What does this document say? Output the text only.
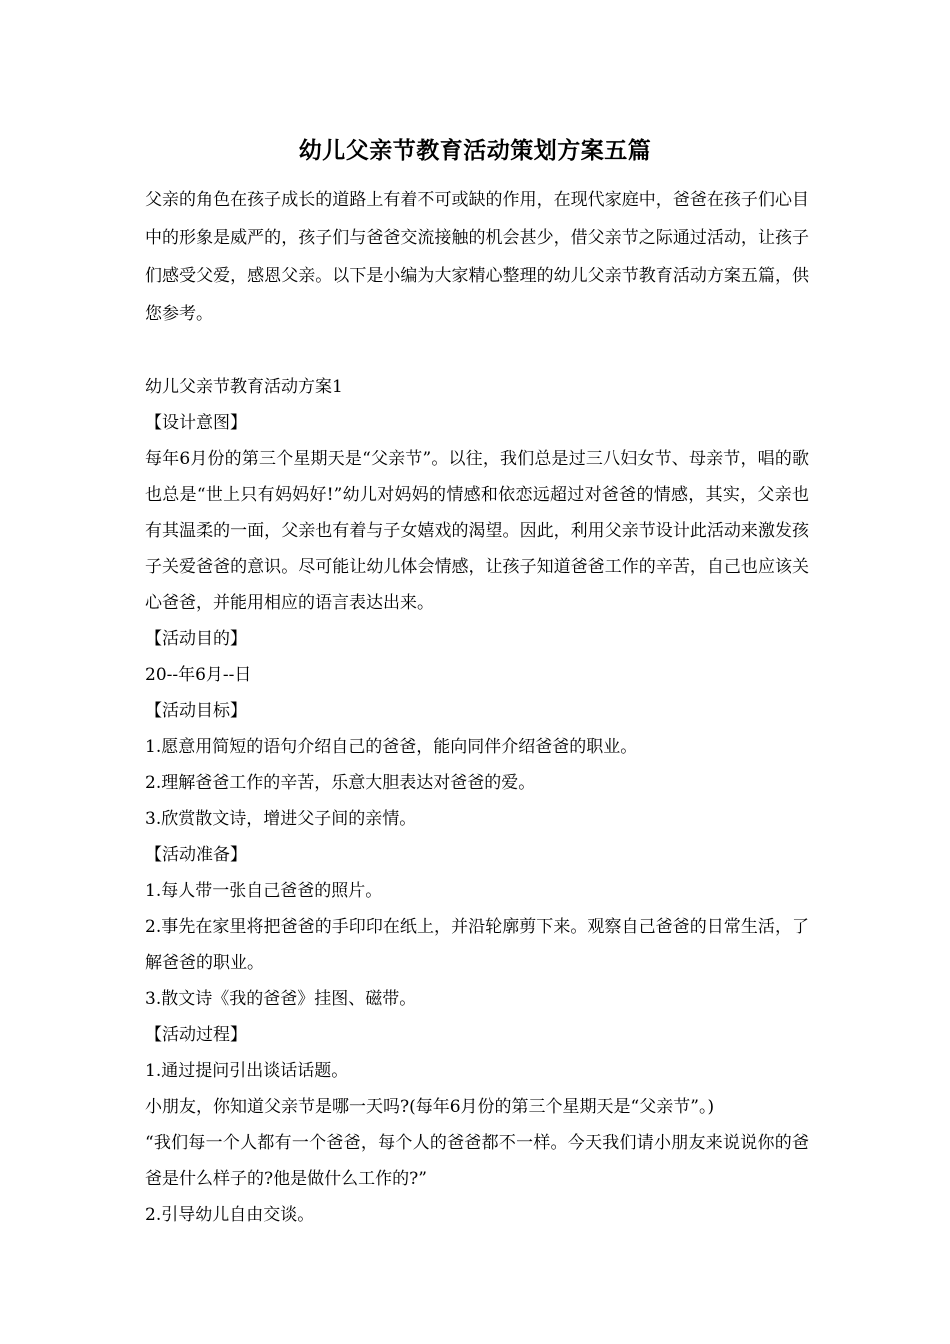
幼儿父亲节教育活动策划方案五篇

父亲的角色在孩子成长的道路上有着不可或缺的作用，在现代家庭中，爸爸在孩子们心目中的形象是威严的，孩子们与爸爸交流接触的机会甚少，借父亲节之际通过活动，让孩子们感受父爱，感恩父亲。以下是小编为大家精心整理的幼儿父亲节教育活动方案五篇，供您参考。

幼儿父亲节教育活动方案1

【设计意图】

每年6月份的第三个星期天是“父亲节”。以往，我们总是过三八妇女节、母亲节，唱的歌也总是“世上只有妈妈好!”幼儿对妈妈的情感和依恋远超过对爸爸的情感，其实，父亲也有其温柔的一面，父亲也有着与子女嬉戏的渴望。因此，利用父亲节设计此活动来激发孩子关爱爸爸的意识。尽可能让幼儿体会情感，让孩子知道爸爸工作的辛苦，自己也应该关心爸爸，并能用相应的语言表达出来。

【活动目的】

20--年6月--日

【活动目标】

1.愿意用简短的语句介绍自己的爸爸，能向同伴介绍爸爸的职业。

2.理解爸爸工作的辛苦，乐意大胆表达对爸爸的爱。

3.欣赏散文诗，增进父子间的亲情。

【活动准备】

1.每人带一张自己爸爸的照片。

2.事先在家里将把爸爸的手印印在纸上，并沿轮廓剪下来。观察自己爸爸的日常生活，了解爸爸的职业。

3.散文诗《我的爸爸》挂图、磁带。

【活动过程】

1.通过提问引出谈话话题。

小朋友，你知道父亲节是哪一天吗?(每年6月份的第三个星期天是“父亲节”。)

“我们每一个人都有一个爸爸，每个人的爸爸都不一样。今天我们请小朋友来说说你的爸爸是什么样子的?他是做什么工作的?”

2.引导幼儿自由交谈。
